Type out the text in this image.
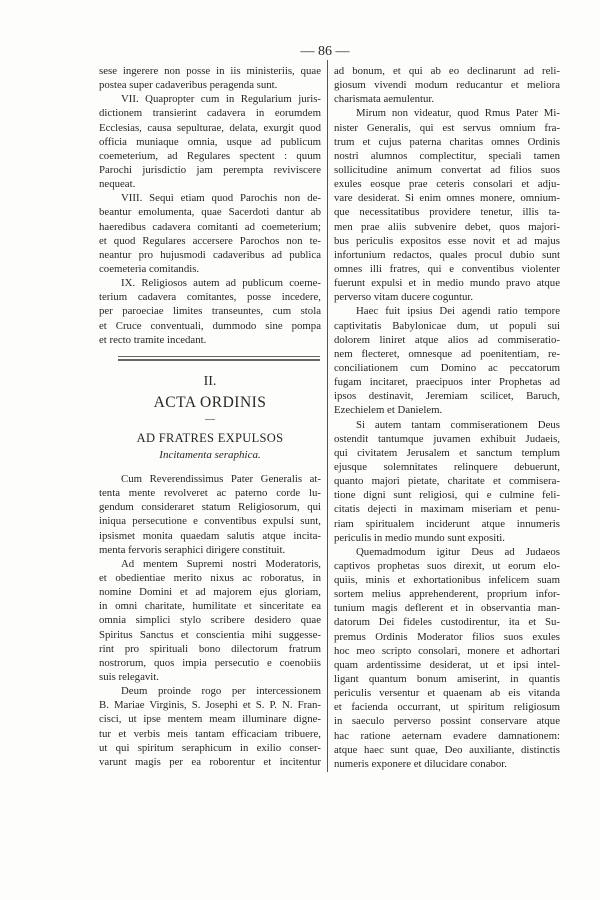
— 86 —
sese ingerere non posse in iis ministeriis, quae
postea super cadaveribus peragenda sunt.
VII. Quapropter cum in Regularium juris-
dictionem transierint cadavera in eorumdem
Ecclesias, causa sepulturae, delata, exurgit quod
officia muniaque omnia, usque ad publicum
coemeterium, ad Regulares spectent : quum
Parochi jurisdictio jam perempta reviviscere
nequeat.
VIII. Sequi etiam quod Parochis non de-
beantur emolumenta, quae Sacerdoti dantur ab
haeredibus cadavera comitanti ad coemeterium;
et quod Regulares accersere Parochos non te-
neantur pro hujusmodi cadaveribus ad publica
coemeteria comitandis.
IX. Religiosos autem ad publicum coeme-
terium cadavera comitantes, posse incedere,
per paroeciae limites transeuntes, cum stola
et Cruce conventuali, dummodo sine pompa
et recto tramite incedant.
II.
ACTA ORDINIS
—
AD FRATRES EXPULSOS
Incitamenta seraphica.
Cum Reverendissimus Pater Generalis at-
tenta mente revolveret ac paterno corde lu-
gendum consideraret statum Religiosorum, qui
iniqua persecutione e conventibus expulsi sunt,
ipsismet monita quaedam salutis atque incita-
menta fervoris seraphici dirigere constituit.
Ad mentem Supremi nostri Moderatoris,
et obedientiae merito nixus ac roboratus, in
nomine Domini et ad majorem ejus gloriam,
in omni charitate, humilitate et sinceritate ea
omnia simplici stylo scribere desidero quae
Spiritus Sanctus et conscientia mihi suggesse-
rint pro spirituali bono dilectorum fratrum
nostrorum, quos impia persecutio e coenobiis
suis relegavit.
Deum proinde rogo per intercessionem
B. Mariae Virginis, S. Josephi et S. P. N. Fran-
cisci, ut ipse mentem meam illuminare digne-
tur et verbis meis tantam efficaciam tribuere,
ut qui spiritum seraphicum in exilio conser-
varunt magis per ea roborentur et incitentur
ad bonum, et qui ab eo declinarunt ad reli-
giosum vivendi modum reducantur et meliora
charismata aemulentur.
Mirum non videatur, quod Rmus Pater Mi-
nister Generalis, qui est servus omnium fra-
trum et cujus paterna charitas omnes Ordinis
nostri alumnos complectitur, speciali tamen
sollicitudine animum convertat ad filios suos
exules eosque prae ceteris consolari et adju-
vare desiderat. Si enim omnes monere, omnium-
que necessitatibus providere tenetur, illis ta-
men prae aliis subvenire debet, quos majori-
bus periculis expositos esse novit et ad majus
infortunium redactos, quales procul dubio sunt
omnes illi fratres, qui e conventibus violenter
fuerunt expulsi et in medio mundo pravo atque
perverso vitam ducere coguntur.
Haec fuit ipsius Dei agendi ratio tempore
captivitatis Babylonicae dum, ut populi sui
dolorem liniret atque alios ad commiseratio-
nem flecteret, omnesque ad poenitentiam, re-
conciliationem cum Domino ac peccatorum
fugam incitaret, praecipuos inter Prophetas ad
ipsos destinavit, Jeremiam scilicet, Baruch,
Ezechielem et Danielem.
Si autem tantam commiserationem Deus
ostendit tantumque juvamen exhibuit Judaeis,
qui civitatem Jerusalem et sanctum templum
ejusque solemnitates relinquere debuerunt,
quanto majori pietate, charitate et commisera-
tione digni sunt religiosi, qui e culmine feli-
citatis dejecti in maximam miseriam et penu-
riam spiritualem inciderunt atque innumeris
periculis in medio mundo sunt expositi.
Quemadmodum igitur Deus ad Judaeos
captivos prophetas suos direxit, ut eorum elo-
quiis, minis et exhortationibus infelicem suam
sortem melius apprehenderent, proprium infor-
tunium magis deflerent et in observantia man-
datorum Dei fideles custodirentur, ita et Su-
premus Ordinis Moderator filios suos exules
hoc meo scripto consolari, monere et adhortari
quam ardentissime desiderat, ut et ipsi intel-
ligant quantum bonum amiserint, in quantis
periculis versentur et quaenam ab eis vitanda
et facienda occurrant, ut spiritum religiosum
in saeculo perverso possint conservare atque
hac ratione aeternam evadere damnationem:
atque haec sunt quae, Deo auxiliante, distinctis
numeris exponere et dilucidare conabor.
